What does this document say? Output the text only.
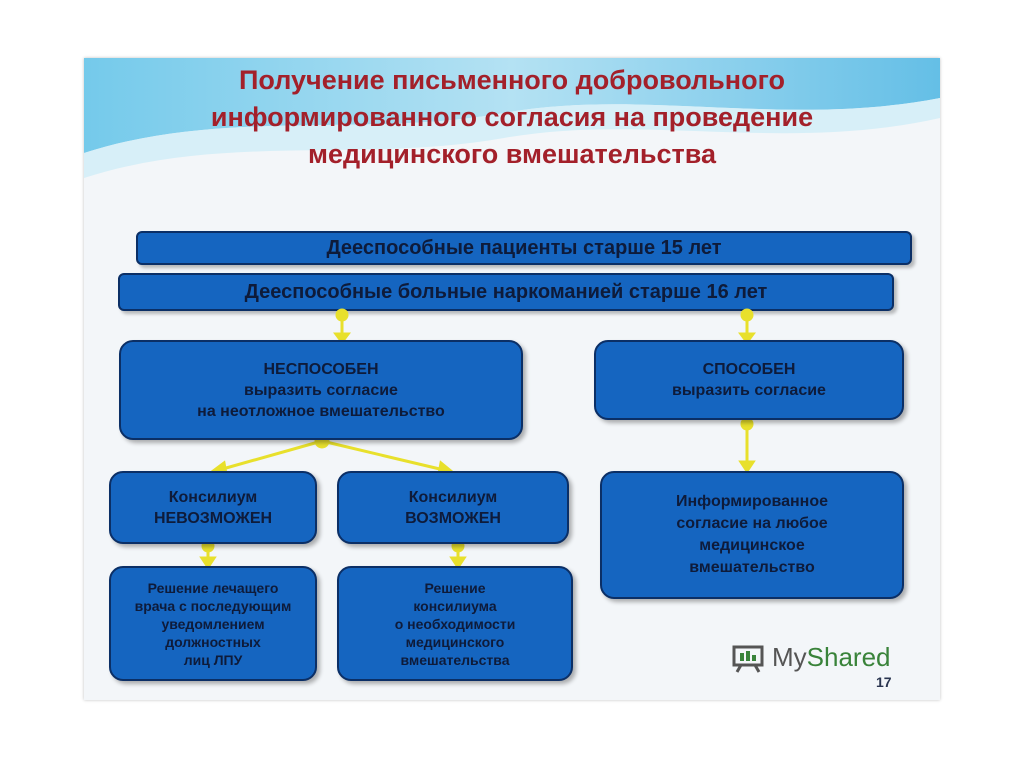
Получение письменного добровольного
информированного согласия на проведение
медицинского вмешательства
Дееспособные пациенты старше 15 лет
Дееспособные больные наркоманией старше 16 лет
НЕСПОСОБЕН
выразить согласие
на неотложное вмешательство
СПОСОБЕН
выразить согласие
Консилиум
НЕВОЗМОЖЕН
Консилиум
ВОЗМОЖЕН
Информированное
согласие на любое
медицинское
вмешательство
Решение лечащего
врача с последующим
уведомлением
должностных
лиц ЛПУ
Решение
консилиума
о необходимости
медицинского
вмешательства	MyShared
17
